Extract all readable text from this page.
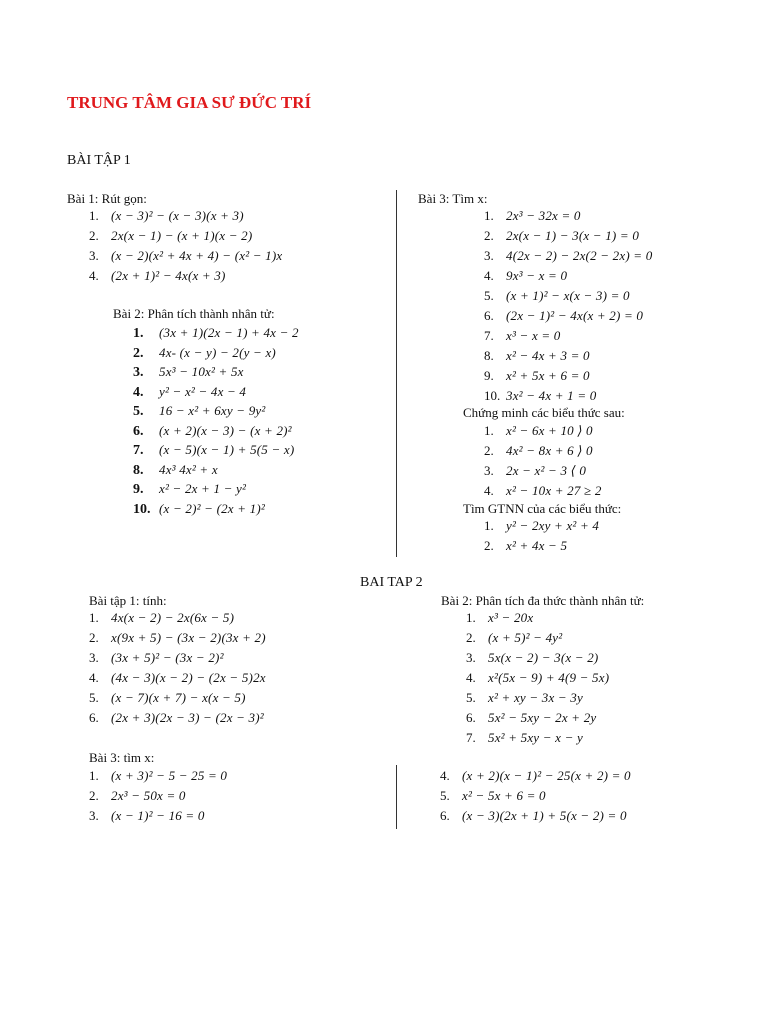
TRUNG TÂM GIA SƯ ĐỨC TRÍ
BÀI TẬP 1
Bài 1: Rút gọn:
1. (x − 3)² − (x − 3)(x + 3)
2. 2x(x − 1) − (x + 1)(x − 2)
3. (x − 2)(x² + 4x + 4) − (x² − 1)x
4. (2x + 1)² − 4x(x + 3)
Bài 2: Phân tích thành nhân tử:
1. (3x + 1)(2x − 1) + 4x − 2
2. 4x- (x − y) − 2(y − x)
3. 5x³ − 10x² + 5x
4. y² − x² − 4x − 4
5. 16 − x² + 6xy − 9y²
6. (x + 2)(x − 3) − (x + 2)²
7. (x − 5)(x − 1) + 5(5 − x)
8. 4x³ 4x² + x
9. x² − 2x + 1 − y²
10. (x − 2)² − (2x + 1)²
Bài 3: Tìm x:
1. 2x³ − 32x = 0
2. 2x(x − 1) − 3(x − 1) = 0
3. 4(2x − 2) − 2x(2 − 2x) = 0
4. 9x³ − x = 0
5. (x + 1)² − x(x − 3) = 0
6. (2x − 1)² − 4x(x + 2) = 0
7. x³ − x = 0
8. x² − 4x + 3 = 0
9. x² + 5x + 6 = 0
10. 3x² − 4x + 1 = 0
Chứng minh các biểu thức sau:
1. x² − 6x + 10 ⟩ 0
2. 4x² − 8x + 6 ⟩ 0
3. 2x − x² − 3 ⟨ 0
4. x² − 10x + 27 ≥ 2
Tìm GTNN của các biểu thức:
1. y² − 2xy + x² + 4
2. x² + 4x − 5
BAI TAP 2
Bài tập 1: tính:
1. 4x(x − 2) − 2x(6x − 5)
2. x(9x + 5) − (3x − 2)(3x + 2)
3. (3x + 5)² − (3x − 2)²
4. (4x − 3)(x − 2) − (2x − 5)2x
5. (x − 7)(x + 7) − x(x − 5)
6. (2x + 3)(2x − 3) − (2x − 3)²
Bài 2: Phân tích đa thức thành nhân tử:
1. x³ − 20x
2. (x + 5)² − 4y²
3. 5x(x − 2) − 3(x − 2)
4. x²(5x − 9) + 4(9 − 5x)
5. x² + xy − 3x − 3y
6. 5x² − 5xy − 2x + 2y
7. 5x² + 5xy − x − y
Bài 3: tìm x:
1. (x + 3)² − 5 − 25 = 0
2. 2x³ − 50x = 0
3. (x − 1)² − 16 = 0
4. (x + 2)(x − 1)² − 25(x + 2) = 0
5. x² − 5x + 6 = 0
6. (x − 3)(2x + 1) + 5(x − 2) = 0
